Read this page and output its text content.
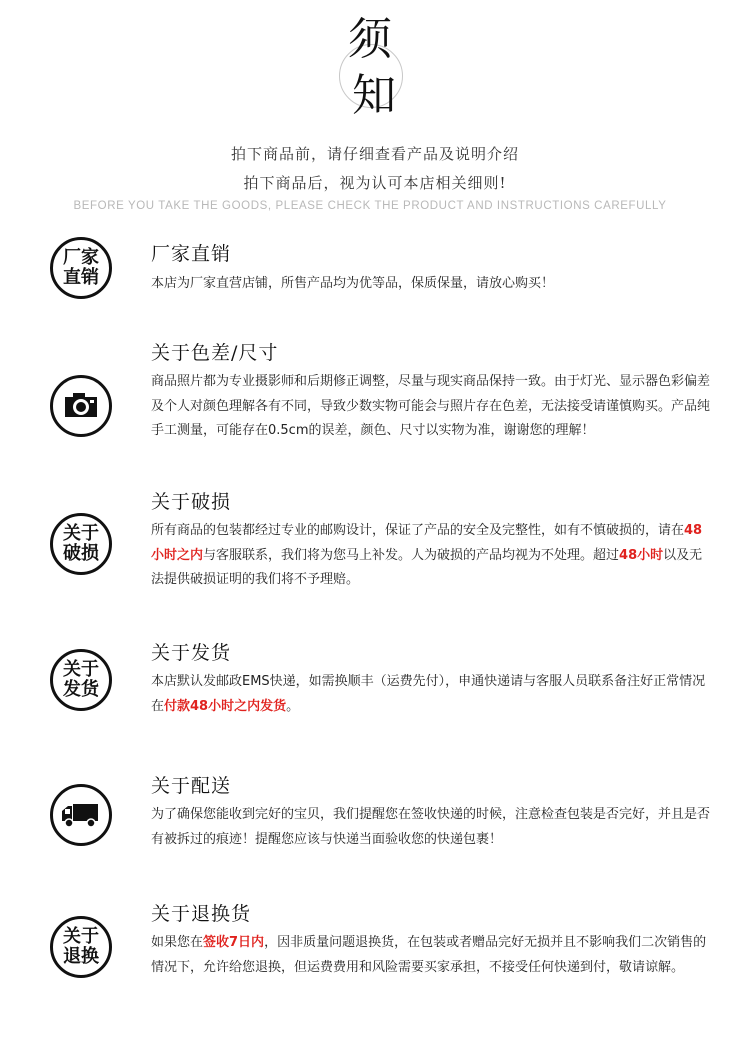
须
知
拍下商品前，请仔细查看产品及说明介绍
拍下商品后，视为认可本店相关细则!
BEFORE YOU TAKE THE GOODS, PLEASE CHECK THE PRODUCT AND INSTRUCTIONS CAREFULLY
厂家
直销
厂家直销
本店为厂家直营店铺，所售产品均为优等品，保质保量，请放心购买！
关于色差/尺寸
商品照片都为专业摄影师和后期修正调整，尽量与现实商品保持一致。由于灯光、显示器色彩偏差及个人对颜色理解各有不同，导致少数实物可能会与照片存在色差，无法接受请谨慎购买。产品纯手工测量，可能存在0.5cm的误差，颜色、尺寸以实物为准，谢谢您的理解！
关于
破损
关于破损
所有商品的包装都经过专业的邮购设计，保证了产品的安全及完整性，如有不慎破损的，请在48小时之内与客服联系，我们将为您马上补发。人为破损的产品均视为不处理。超过48小时以及无法提供破损证明的我们将不予理赔。
关于
发货
关于发货
本店默认发邮政EMS快递，如需换顺丰（运费先付），申通快递请与客服人员联系备注好正常情况在付款48小时之内发货。
关于配送
为了确保您能收到完好的宝贝，我们提醒您在签收快递的时候，注意检查包装是否完好，并且是否有被拆过的痕迹！提醒您应该与快递当面验收您的快递包裹！
关于
退换
关于退换货
如果您在签收7日内，因非质量问题退换货，在包装或者赠品完好无损并且不影响我们二次销售的情况下，允许给您退换，但运费费用和风险需要买家承担，不接受任何快递到付，敬请谅解。
